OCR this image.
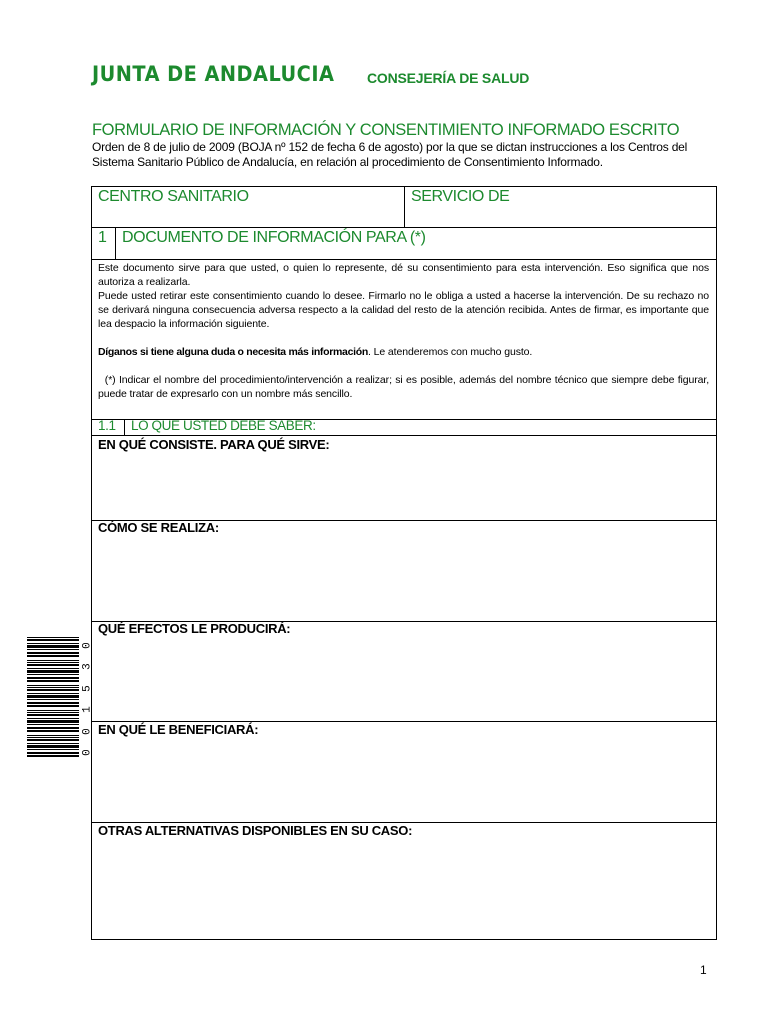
JUNTA DE ANDALUCIA CONSEJERÍA DE SALUD
FORMULARIO DE INFORMACIÓN Y CONSENTIMIENTO INFORMADO ESCRITO
Orden de 8 de julio de 2009 (BOJA nº 152 de fecha 6 de agosto) por la que se dictan instrucciones a los Centros del Sistema Sanitario Público de Andalucía, en relación al procedimiento de Consentimiento Informado.
CENTRO SANITARIO	SERVICIO DE
1 DOCUMENTO DE INFORMACIÓN PARA (*)

Este documento sirve para que usted, o quien lo represente, dé su consentimiento para esta intervención. Eso significa que nos autoriza a realizarla.

Puede usted retirar este consentimiento cuando lo desee. Firmarlo no le obliga a usted a hacerse la intervención. De su rechazo no se derivará ninguna consecuencia adversa respecto a la calidad del resto de la atención recibida. Antes de firmar, es importante que lea despacio la información siguiente.

Díganos si tiene alguna duda o necesita más información. Le atenderemos con mucho gusto.

(*) Indicar el nombre del procedimiento/intervención a realizar; si es posible, además del nombre técnico que siempre debe figurar, puede tratar de expresarlo con un nombre más sencillo.

1.1 LO QUE USTED DEBE SABER:
EN QUÉ CONSISTE. PARA QUÉ SIRVE:
CÓMO SE REALIZA:
QUÉ EFECTOS LE PRODUCIRÁ:
EN QUÉ LE BENEFICIARÁ:
OTRAS ALTERNATIVAS DISPONIBLES EN SU CASO:
0
3
5
1
0
0
1
